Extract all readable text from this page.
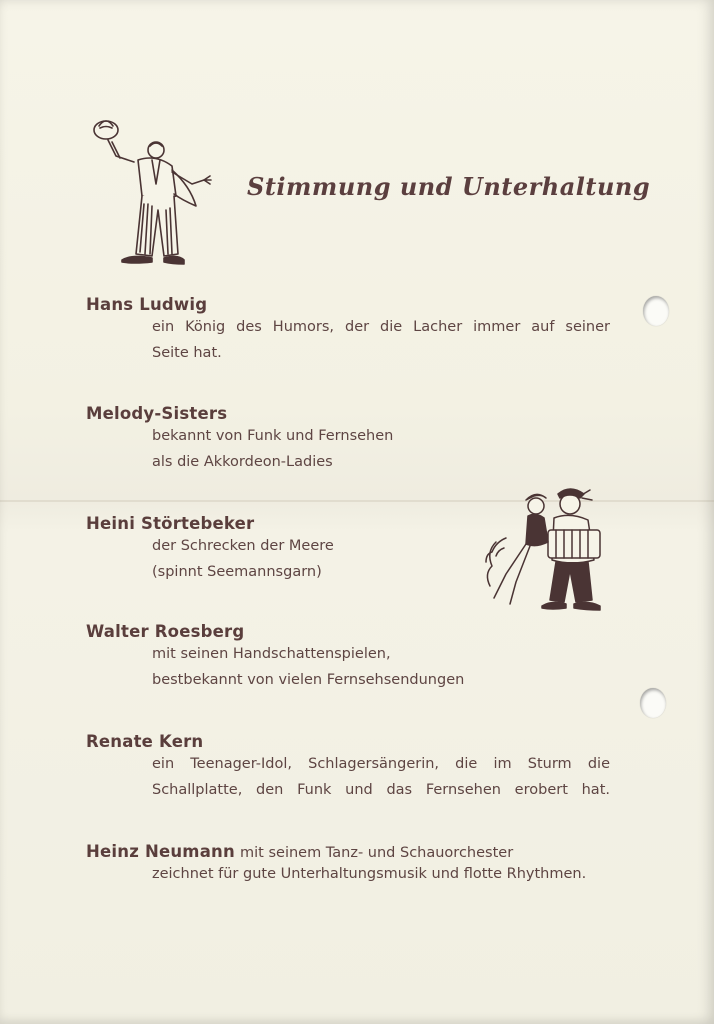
Stimmung und Unterhaltung
Hans Ludwig
ein König des Humors, der die Lacher immer auf seiner
Seite hat.
Melody-Sisters
bekannt von Funk und Fernsehen
als die Akkordeon-Ladies
Heini Störtebeker
der Schrecken der Meere
(spinnt Seemannsgarn)
Walter Roesberg
mit seinen Handschattenspielen,
bestbekannt von vielen Fernsehsendungen
Renate Kern
ein Teenager-Idol, Schlagersängerin, die im Sturm die
Schallplatte, den Funk und das Fernsehen erobert hat.
Heinz Neumann mit seinem Tanz- und Schauorchester
zeichnet für gute Unterhaltungsmusik und flotte Rhythmen.
